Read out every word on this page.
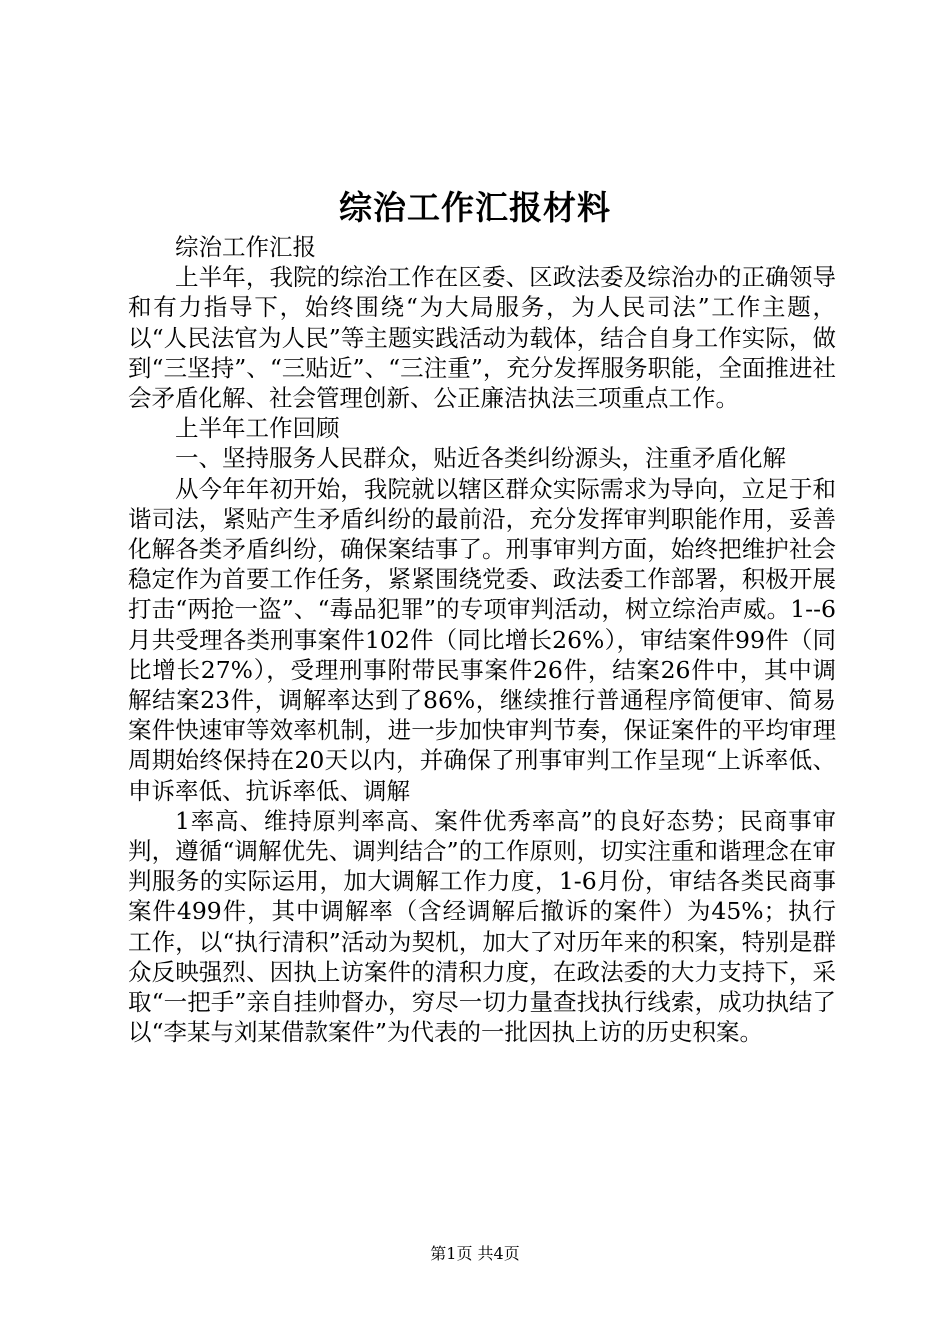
综治工作汇报材料

综治工作汇报

上半年，我院的综治工作在区委、区政法委及综治办的正确领导和有力指导下，始终围绕“为大局服务，为人民司法”工作主题，以“人民法官为人民”等主题实践活动为载体，结合自身工作实际，做到“三坚持”、“三贴近”、“三注重”，充分发挥服务职能，全面推进社会矛盾化解、社会管理创新、公正廉洁执法三项重点工作。

上半年工作回顾

一、坚持服务人民群众，贴近各类纠纷源头，注重矛盾化解

从今年年初开始，我院就以辖区群众实际需求为导向，立足于和谐司法，紧贴产生矛盾纠纷的最前沿，充分发挥审判职能作用，妥善化解各类矛盾纠纷，确保案结事了。刑事审判方面，始终把维护社会稳定作为首要工作任务，紧紧围绕党委、政法委工作部署，积极开展打击“两抢一盗”、“毒品犯罪”的专项审判活动，树立综治声威。1--6月共受理各类刑事案件102件（同比增长26%），审结案件99件（同比增长27%），受理刑事附带民事案件26件，结案26件中，其中调解结案23件，调解率达到了86%，继续推行普通程序简便审、简易案件快速审等效率机制，进一步加快审判节奏，保证案件的平均审理周期始终保持在20天以内，并确保了刑事审判工作呈现“上诉率低、申诉率低、抗诉率低、调解

1率高、维持原判率高、案件优秀率高”的良好态势；民商事审判，遵循“调解优先、调判结合”的工作原则，切实注重和谐理念在审判服务的实际运用，加大调解工作力度，1-6月份，审结各类民商事案件499件，其中调解率（含经调解后撤诉的案件）为45%；执行工作，以“执行清积”活动为契机，加大了对历年来的积案，特别是群众反映强烈、因执上访案件的清积力度，在政法委的大力支持下，采取“一把手”亲自挂帅督办，穷尽一切力量查找执行线索，成功执结了以“李某与刘某借款案件”为代表的一批因执上访的历史积案。

第1页 共4页
